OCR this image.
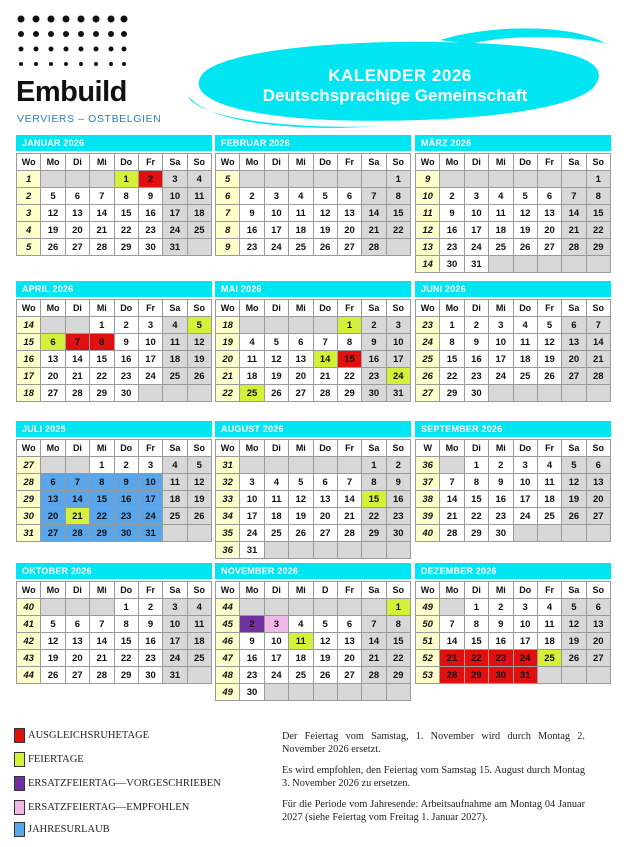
Embuild
VERVIERS – OSTBELGIEN
KALENDER 2026
Deutschsprachige Gemeinschaft
JANUAR 2026
Wo	Mo	Di	Mi	Do	Fr	Sa	So
1				1	2	3	4
2	5	6	7	8	9	10	11
3	12	13	14	15	16	17	18
4	19	20	21	22	23	24	25
5	26	27	28	29	30	31	
FEBRUAR 2026
Wo	Mo	Di	Mi	Do	Fr	Sa	So
5							1
6	2	3	4	5	6	7	8
7	9	10	11	12	13	14	15
8	16	17	18	19	20	21	22
9	23	24	25	26	27	28	
MÄRZ 2026
Wo	Mo	Di	Mi	Do	Fr	Sa	So
9							1
10	2	3	4	5	6	7	8
11	9	10	11	12	13	14	15
12	16	17	18	19	20	21	22
13	23	24	25	26	27	28	29
14	30	31					
APRIL 2026
Wo	Mo	Di	Mi	Do	Fr	Sa	So
14			1	2	3	4	5
15	6	7	8	9	10	11	12
16	13	14	15	16	17	18	19
17	20	21	22	23	24	25	26
18	27	28	29	30			
MAI 2026
Wo	Mo	Di	Mi	Do	Fr	Sa	So
18					1	2	3
19	4	5	6	7	8	9	10
20	11	12	13	14	15	16	17
21	18	19	20	21	22	23	24
22	25	26	27	28	29	30	31
JUNI 2026
Wo	Mo	Di	Mi	Do	Fr	Sa	So
23	1	2	3	4	5	6	7
24	8	9	10	11	12	13	14
25	15	16	17	18	19	20	21
26	22	23	24	25	26	27	28
27	29	30					
JULI 2025
Wo	Mo	Di	Mi	Do	Fr	Sa	So
27			1	2	3	4	5
28	6	7	8	9	10	11	12
29	13	14	15	16	17	18	19
30	20	21	22	23	24	25	26
31	27	28	29	30	31		
AUGUST 2026
Wo	Mo	Di	Mi	Do	Fr	Sa	So
31						1	2
32	3	4	5	6	7	8	9
33	10	11	12	13	14	15	16
34	17	18	19	20	21	22	23
35	24	25	26	27	28	29	30
36	31						
SEPTEMBER 2026
W	Mo	Di	Mi	Do	Fr	Sa	So
36		1	2	3	4	5	6
37	7	8	9	10	11	12	13
38	14	15	16	17	18	19	20
39	21	22	23	24	25	26	27
40	28	29	30				
OKTOBER 2026
Wo	Mo	Di	Mi	Do	Fr	Sa	So
40				1	2	3	4
41	5	6	7	8	9	10	11
42	12	13	14	15	16	17	18
43	19	20	21	22	23	24	25
44	26	27	28	29	30	31	
NOVEMBER 2026
Wo	Mo	Di	Mi	D	Fr	Sa	So
44							1
45	2	3	4	5	6	7	8
46	9	10	11	12	13	14	15
47	16	17	18	19	20	21	22
48	23	24	25	26	27	28	29
49	30						
DEZEMBER 2026
Wo	Mo	Di	Mi	Do	Fr	Sa	So
49		1	2	3	4	5	6
50	7	8	9	10	11	12	13
51	14	15	16	17	18	19	20
52	21	22	23	24	25	26	27
53	28	29	30	31			
AUSGLEICHSRUHETAGE
FEIERTAGE
ERSATZFEIERTAG—VORGESCHRIEBEN
ERSATZFEIERTAG—EMPFOHLEN
JAHRESURLAUB

Der Feiertag vom Samstag, 1. November wird durch Montag 2. November 2026 ersetzt.

Es wird empfohlen, den Feiertag vom Samstag 15. August durch Montag 3. November 2026 zu ersetzen.

Für die Periode vom Jahresende: Arbeitsaufnahme am Montag 04 Januar 2027 (siehe Feiertag vom Freitag 1. Januar 2027).
